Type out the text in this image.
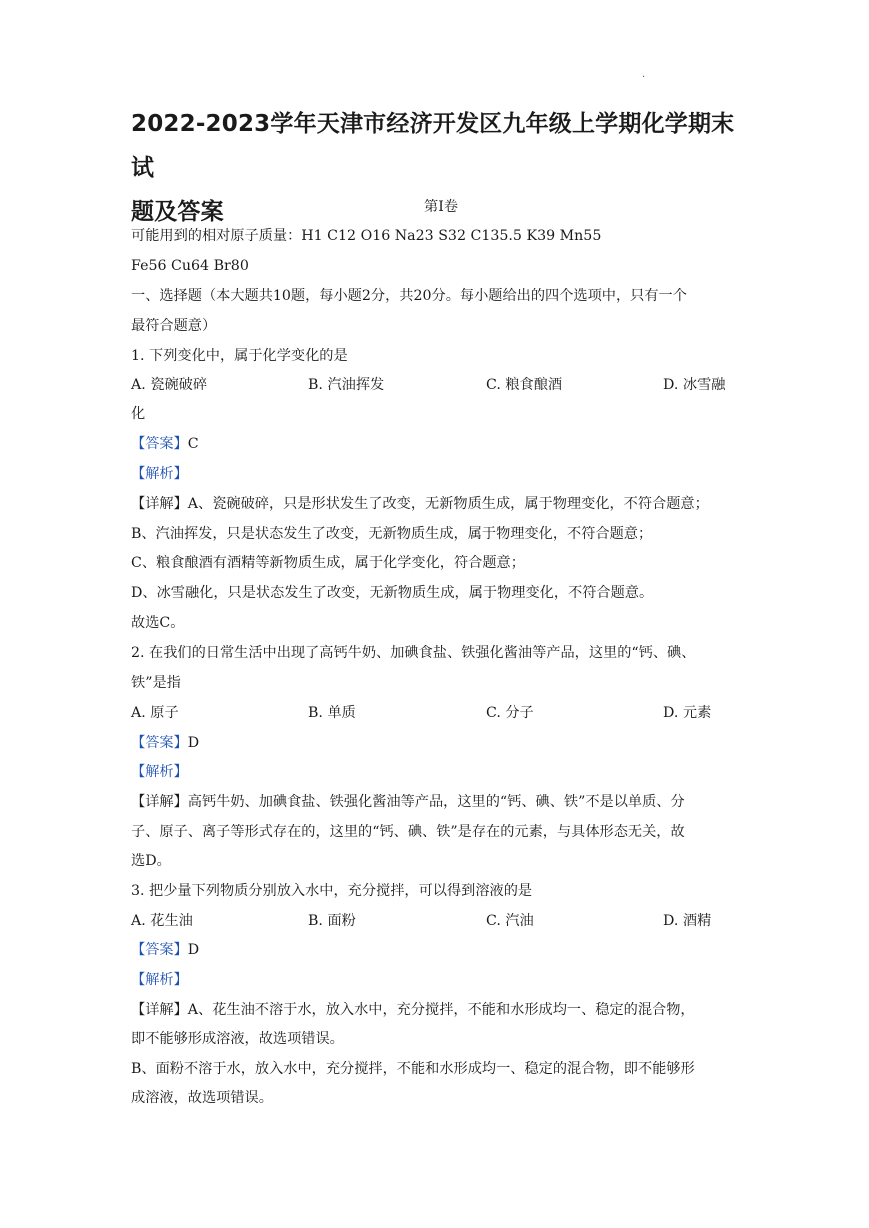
·
2022-2023学年天津市经济开发区九年级上学期化学期末试
题及答案	第Ⅰ卷
可能用到的相对原子质量：H1 C12 O16 Na23 S32 C135.5 K39 Mn55
Fe56 Cu64 Br80
一、选择题（本大题共10题，每小题2分，共20分。每小题给出的四个选项中，只有一个
最符合题意）
1. 下列变化中，属于化学变化的是
A. 瓷碗破碎	B. 汽油挥发	C. 粮食酿酒	D. 冰雪融
化
【答案】C
【解析】
【详解】A、瓷碗破碎，只是形状发生了改变，无新物质生成，属于物理变化，不符合题意；
B、汽油挥发，只是状态发生了改变，无新物质生成，属于物理变化，不符合题意；
C、粮食酿酒有酒精等新物质生成，属于化学变化，符合题意；
D、冰雪融化，只是状态发生了改变，无新物质生成，属于物理变化，不符合题意。
故选C。
2. 在我们的日常生活中出现了高钙牛奶、加碘食盐、铁强化酱油等产品，这里的“钙、碘、
铁”是指
A. 原子	B. 单质	C. 分子	D. 元素
【答案】D
【解析】
【详解】高钙牛奶、加碘食盐、铁强化酱油等产品，这里的“钙、碘、铁”不是以单质、分
子、原子、离子等形式存在的，这里的“钙、碘、铁”是存在的元素，与具体形态无关，故
选D。
3. 把少量下列物质分别放入水中，充分搅拌，可以得到溶液的是
A. 花生油	B. 面粉	C. 汽油	D. 酒精
【答案】D
【解析】
【详解】A、花生油不溶于水，放入水中，充分搅拌，不能和水形成均一、稳定的混合物，
即不能够形成溶液，故选项错误。
B、面粉不溶于水，放入水中，充分搅拌，不能和水形成均一、稳定的混合物，即不能够形
成溶液，故选项错误。
